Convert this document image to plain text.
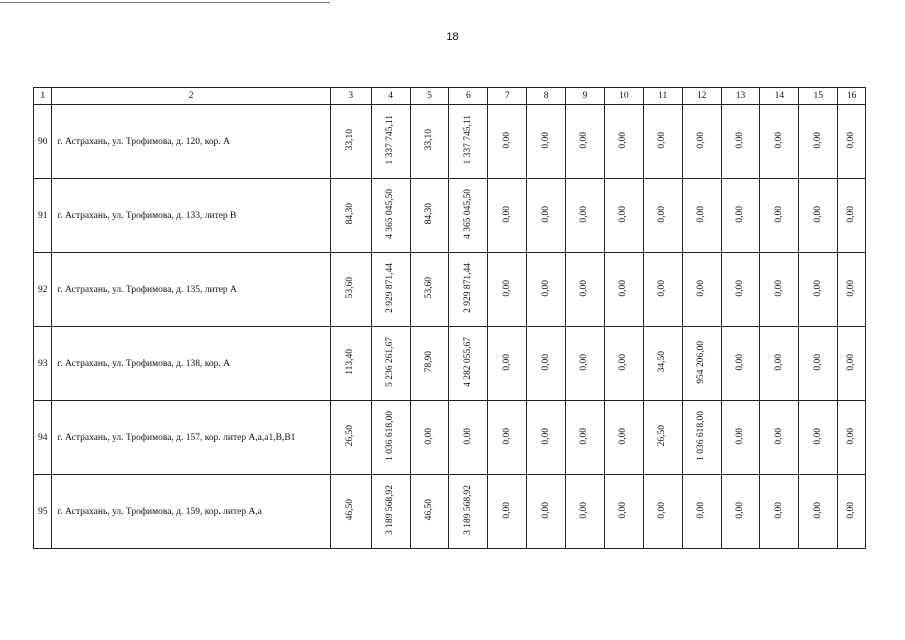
18
1	2	3	4	5	6	7	8	9	10	11	12	13	14	15	16
90	г. Астрахань, ул. Трофимова, д. 120, кор. А	33,10	1 337 745,11	33,10	1 337 745,11	0,00	0,00	0,00	0,00	0,00	0,00	0,00	0,00	0,00	0,00
91	г. Астрахань, ул. Трофимова, д. 133, литер В	84,30	4 365 045,50	84,30	4 365 045,50	0,00	0,00	0,00	0,00	0,00	0,00	0,00	0,00	0,00	0,00
92	г. Астрахань, ул. Трофимова, д. 135, литер А	53,60	2 929 871,44	53,60	2 929 871,44	0,00	0,00	0,00	0,00	0,00	0,00	0,00	0,00	0,00	0,00
93	г. Астрахань, ул. Трофимова, д. 138, кор. А	113,40	5 236 261,67	78,90	4 282 055,67	0,00	0,00	0,00	0,00	34,50	954 206,00	0,00	0,00	0,00	0,00
94	г. Астрахань, ул. Трофимова, д. 157, кор. литер А,а,а1,В,В1	26,50	1 036 618,00	0,00	0,00	0,00	0,00	0,00	0,00	26,50	1 036 618,00	0,00	0,00	0,00	0,00
95	г. Астрахань, ул. Трофимова, д. 159, кор. литер А,а	46,50	3 189 568,92	46,50	3 189 568,92	0,00	0,00	0,00	0,00	0,00	0,00	0,00	0,00	0,00	0,00
